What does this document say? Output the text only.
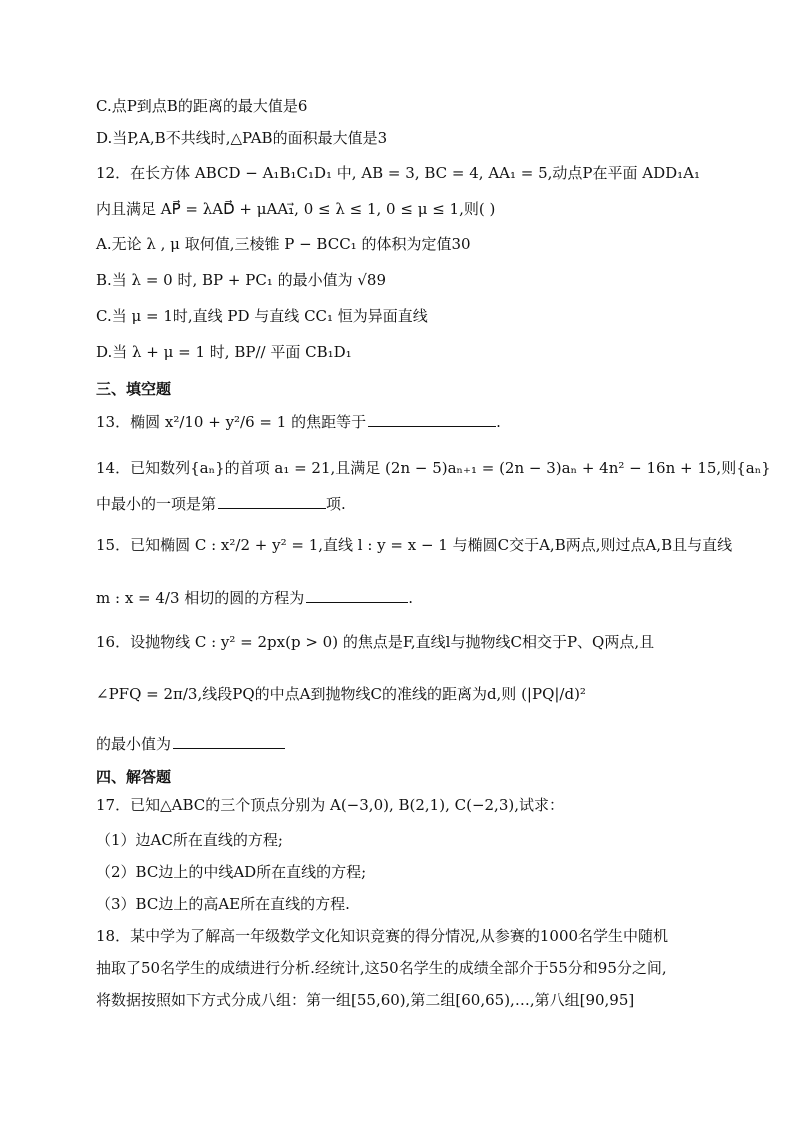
C.点P到点B的距离的最大值是6
D.当P,A,B不共线时,△PAB的面积最大值是3
12．在长方体 ABCD − A₁B₁C₁D₁ 中, AB = 3, BC = 4, AA₁ = 5,动点P在平面 ADD₁A₁
内且满足 AP⃗ = λAD⃗ + μAA₁⃗, 0 ≤ λ ≤ 1, 0 ≤ μ ≤ 1,则( )
A.无论 λ , μ 取何值,三棱锥 P − BCC₁ 的体积为定值30
B.当 λ = 0 时, BP + PC₁ 的最小值为 √89
C.当 μ = 1时,直线 PD 与直线 CC₁ 恒为异面直线
D.当 λ + μ = 1 时, BP// 平面 CB₁D₁
三、填空题
13．椭圆 x²/10 + y²/6 = 1 的焦距等于	.
14．已知数列{aₙ}的首项 a₁ = 21,且满足 (2n − 5)aₙ₊₁ = (2n − 3)aₙ + 4n² − 16n + 15,则{aₙ}
中最小的一项是第	项.
15．已知椭圆 C : x²/2 + y² = 1,直线 l : y = x − 1 与椭圆C交于A,B两点,则过点A,B且与直线
m : x = 4/3 相切的圆的方程为	.
16．设抛物线 C : y² = 2px(p > 0) 的焦点是F,直线l与抛物线C相交于P、Q两点,且
∠PFQ = 2π/3,线段PQ的中点A到抛物线C的准线的距离为d,则 (|PQ|/d)²
的最小值为
四、解答题
17．已知△ABC的三个顶点分别为 A(−3,0), B(2,1), C(−2,3),试求：
（1）边AC所在直线的方程;
（2）BC边上的中线AD所在直线的方程;
（3）BC边上的高AE所在直线的方程.
18．某中学为了解高一年级数学文化知识竞赛的得分情况,从参赛的1000名学生中随机
抽取了50名学生的成绩进行分析.经统计,这50名学生的成绩全部介于55分和95分之间,
将数据按照如下方式分成八组：第一组[55,60),第二组[60,65),…,第八组[90,95]
